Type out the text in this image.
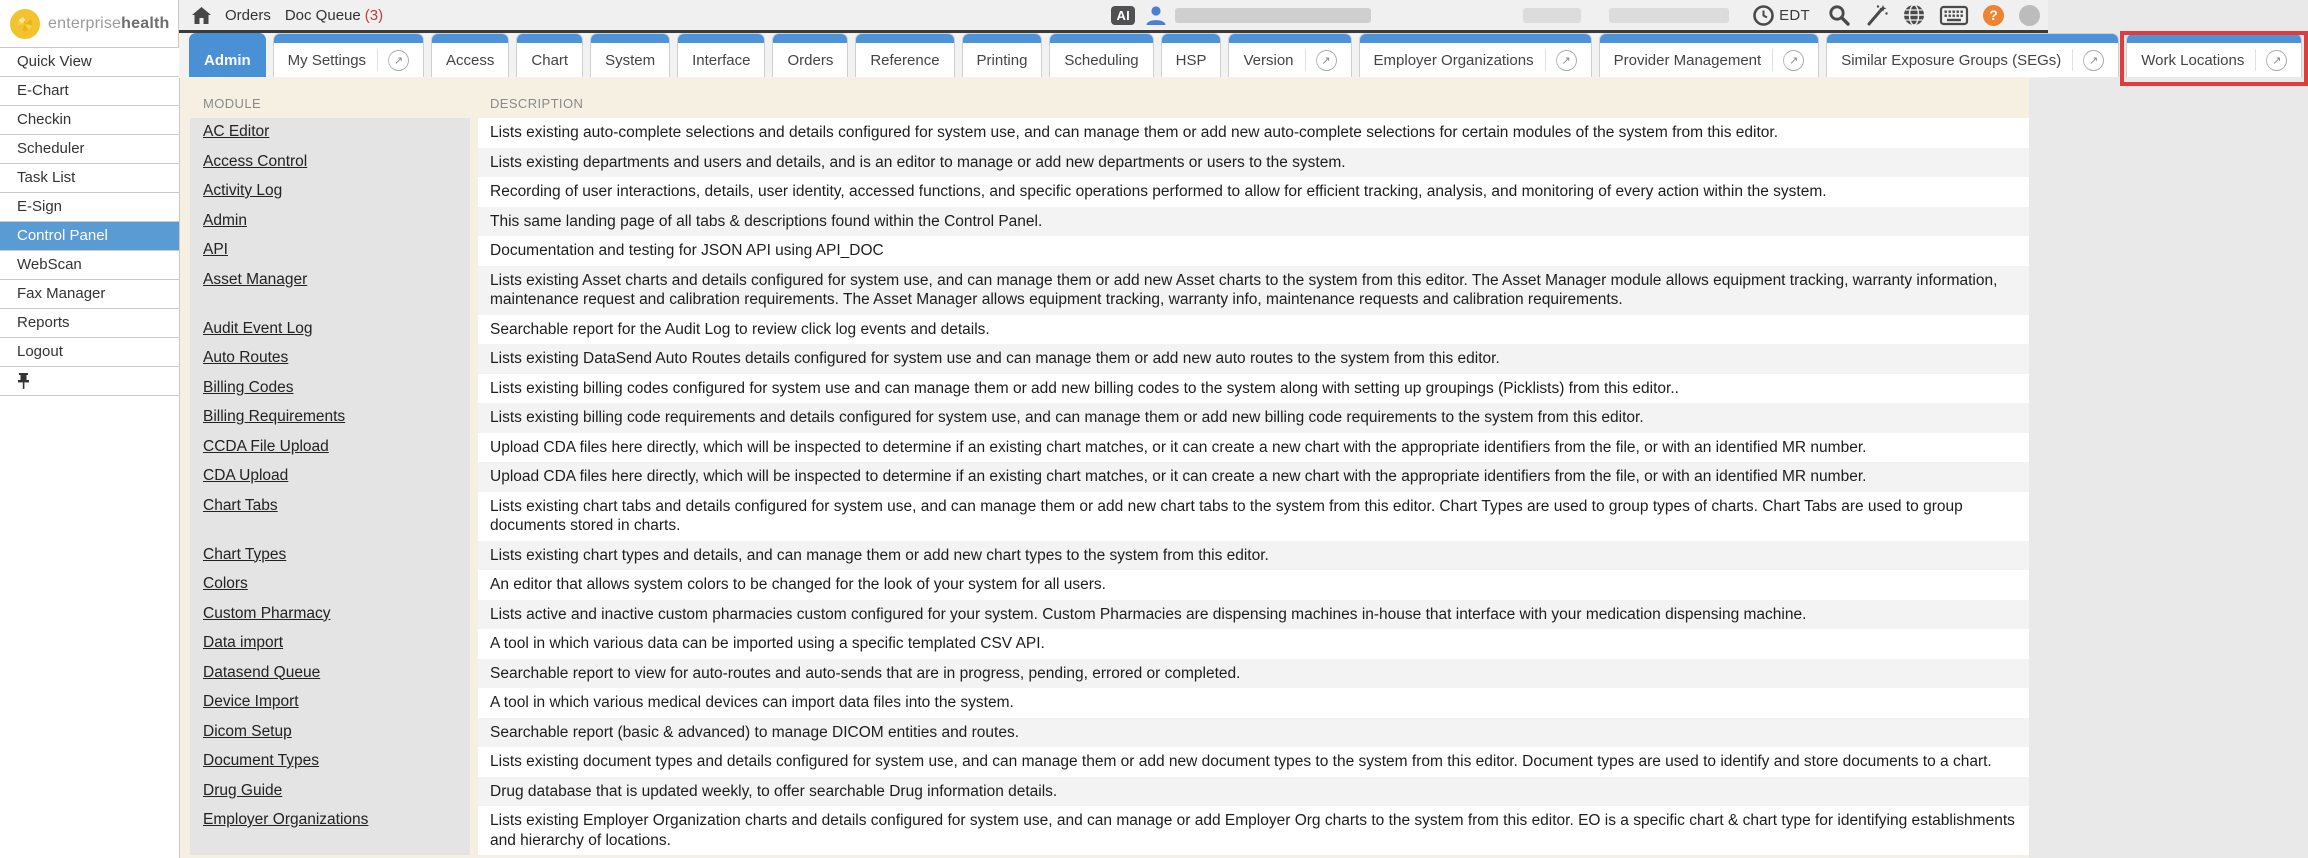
enterprisehealth	Orders Doc Queue (3)	AI	EDT	?
Admin My Settings	↗	Access Chart System Interface Orders Reference Printing Scheduling HSP Version	↗	Employer Organizations	↗	Provider Management	↗	Similar Exposure Groups (SEGs)	↗	Work Locations	↗
Quick View
E-Chart
Checkin
Scheduler
Task List
E-Sign
Control Panel
WebScan
Fax Manager
Reports
Logout
MODULE	DESCRIPTION
AC Editor	Lists existing auto-complete selections and details configured for system use, and can manage them or add new auto-complete selections for certain modules of the system from this editor.
Access Control	Lists existing departments and users and details, and is an editor to manage or add new departments or users to the system.
Activity Log	Recording of user interactions, details, user identity, accessed functions, and specific operations performed to allow for efficient tracking, analysis, and monitoring of every action within the system.
Admin	This same landing page of all tabs & descriptions found within the Control Panel.
API	Documentation and testing for JSON API using API_DOC
Asset Manager	Lists existing Asset charts and details configured for system use, and can manage them or add new Asset charts to the system from this editor. The Asset Manager module allows equipment tracking, warranty information, maintenance request and calibration requirements. The Asset Manager allows equipment tracking, warranty info, maintenance requests and calibration requirements.
Audit Event Log	Searchable report for the Audit Log to review click log events and details.
Auto Routes	Lists existing DataSend Auto Routes details configured for system use and can manage them or add new auto routes to the system from this editor.
Billing Codes	Lists existing billing codes configured for system use and can manage them or add new billing codes to the system along with setting up groupings (Picklists) from this editor..
Billing Requirements	Lists existing billing code requirements and details configured for system use, and can manage them or add new billing code requirements to the system from this editor.
CCDA File Upload	Upload CDA files here directly, which will be inspected to determine if an existing chart matches, or it can create a new chart with the appropriate identifiers from the file, or with an identified MR number.
CDA Upload	Upload CDA files here directly, which will be inspected to determine if an existing chart matches, or it can create a new chart with the appropriate identifiers from the file, or with an identified MR number.
Chart Tabs	Lists existing chart tabs and details configured for system use, and can manage them or add new chart tabs to the system from this editor. Chart Types are used to group types of charts. Chart Tabs are used to group documents stored in charts.
Chart Types	Lists existing chart types and details, and can manage them or add new chart types to the system from this editor.
Colors	An editor that allows system colors to be changed for the look of your system for all users.
Custom Pharmacy	Lists active and inactive custom pharmacies custom configured for your system. Custom Pharmacies are dispensing machines in-house that interface with your medication dispensing machine.
Data import	A tool in which various data can be imported using a specific templated CSV API.
Datasend Queue	Searchable report to view for auto-routes and auto-sends that are in progress, pending, errored or completed.
Device Import	A tool in which various medical devices can import data files into the system.
Dicom Setup	Searchable report (basic & advanced) to manage DICOM entities and routes.
Document Types	Lists existing document types and details configured for system use, and can manage them or add new document types to the system from this editor. Document types are used to identify and store documents to a chart.
Drug Guide	Drug database that is updated weekly, to offer searchable Drug information details.
Employer Organizations	Lists existing Employer Organization charts and details configured for system use, and can manage or add Employer Org charts to the system from this editor. EO is a specific chart & chart type for identifying establishments and hierarchy of locations.
